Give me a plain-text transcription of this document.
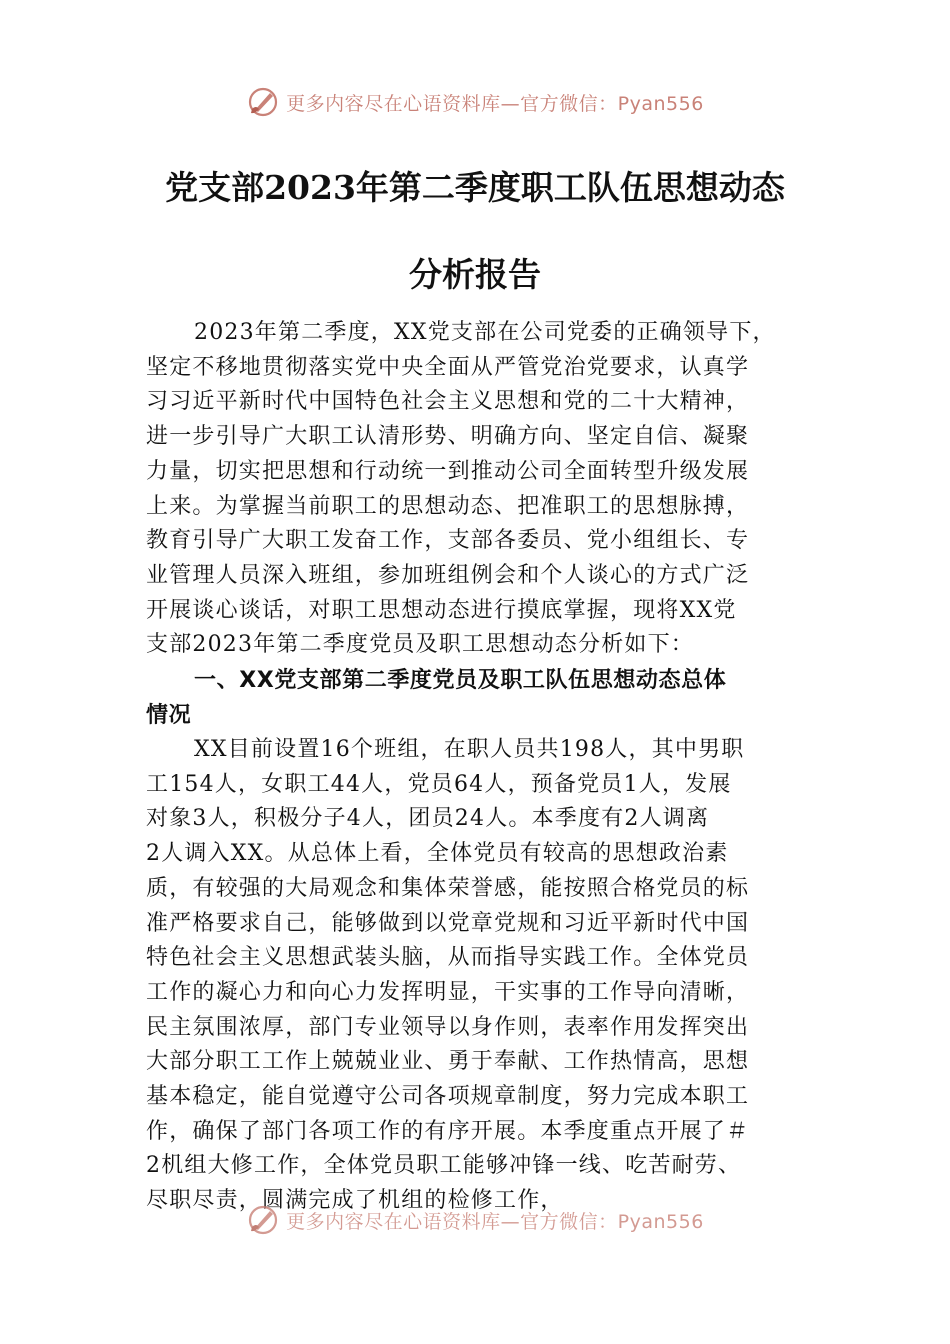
更多内容尽在心语资料库—官方微信：Pyan556
党支部2023年第二季度职工队伍思想动态
分析报告
2023年第二季度，XX党支部在公司党委的正确领导下，
坚定不移地贯彻落实党中央全面从严管党治党要求，认真学
习习近平新时代中国特色社会主义思想和党的二十大精神，
进一步引导广大职工认清形势、明确方向、坚定自信、凝聚
力量，切实把思想和行动统一到推动公司全面转型升级发展
上来。为掌握当前职工的思想动态、把准职工的思想脉搏，
教育引导广大职工发奋工作，支部各委员、党小组组长、专
业管理人员深入班组，参加班组例会和个人谈心的方式广泛
开展谈心谈话，对职工思想动态进行摸底掌握，现将XX党
支部2023年第二季度党员及职工思想动态分析如下：
一、XX党支部第二季度党员及职工队伍思想动态总体
情况
XX目前设置16个班组，在职人员共198人，其中男职
工154人，女职工44人，党员64人，预备党员1人，发展
对象3人，积极分子4人，团员24人。本季度有2人调离
2人调入XX。从总体上看，全体党员有较高的思想政治素
质，有较强的大局观念和集体荣誉感，能按照合格党员的标
准严格要求自己，能够做到以党章党规和习近平新时代中国
特色社会主义思想武装头脑，从而指导实践工作。全体党员
工作的凝心力和向心力发挥明显，干实事的工作导向清晰，
民主氛围浓厚，部门专业领导以身作则，表率作用发挥突出
大部分职工工作上兢兢业业、勇于奉献、工作热情高，思想
基本稳定，能自觉遵守公司各项规章制度，努力完成本职工
作，确保了部门各项工作的有序开展。本季度重点开展了＃
2机组大修工作，全体党员职工能够冲锋一线、吃苦耐劳、
尽职尽责，圆满完成了机组的检修工作，
更多内容尽在心语资料库—官方微信：Pyan556
